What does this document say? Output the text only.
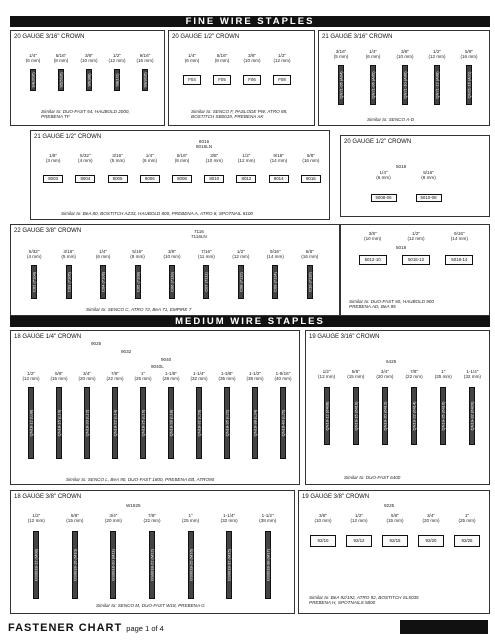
FINE WIRE STAPLES
20 GAUGE 3/16" CROWN
Similar to: DUO-FAST 54, HAUBOLD 2000,
PREBENA TF
1/4"
(6 mm)
S4(3/16)
5/16"
(8 mm)
S5(5/16)
3/8"
(10 mm)
S6(3/8)
1/2"
(12 mm)
S8(1/2)
9/16"
(16 mm)
S9(9/16)
20 GAUGE 1/2" CROWN
Similar to: SENCO F, PASLODE PW, ATRO 88,
BOSTITCH SB0019, PREBENA AK
1/4"
(6 mm)
F04
5/16"
(8 mm)
F05
3/8"
(10 mm)
F06
1/2"
(12 mm)
F08
21 GAUGE 3/16" CROWN
Similar to: SENCO A-D
3/16"
(5 mm)
QN21-05 (A04)
1/4"
(6 mm)
QN21-06 (A05)
3/8"
(10 mm)
QN21-10 (A06)
1/2"
(12 mm)
QN21-12 (A08)
5/8"
(16 mm)
QN21-16 (A11)
21 GAUGE 1/2" CROWN
8016
8016LN
Similar to: BeA 80, BOSTITCH AZ33, HAUBOLD 800, PREBENA A, ATRO 8, SPOTNAIL 8100
1/8"
(3 mm)
8003
5/32"
(4 mm)
8004
3/16"
(5 mm)
8005
1/4"
(6 mm)
8006
5/16"
(8 mm)
8008
3/8"
(10 mm)
8010
1/2"
(12 mm)
8012
9/16"
(14 mm)
8014
5/8"
(16 mm)
8016
20 GAUGE 1/2" CROWN
5018
1/4"
(6 mm)
5008-06
5/16"
(8 mm)
5010-08
22 GAUGE 3/8" CROWN	7116
7116LN
Similar to: SENCO C, ATRO 72, BeA 71, EMPIRE 7
5/32"
(4 mm)
C02 (7104)
3/16"
(5 mm)
C03 (7105)
1/4"
(6 mm)
C04 (7106)
5/16"
(8 mm)
C05 (7108)
3/8"
(10 mm)
C06 (7110)
7/16"
(11 mm)
C07 (7111)
1/2"
(12 mm)
C08 (7112)
9/16"
(14 mm)
C09 (7114)
5/8"
(16 mm)
C10 (7116)
5018
Similar to: DUO-FAST 50, HAUBOLD 900
PREBENA AD, BeA 95
3/8"
(10 mm)
5012-10
1/2"
(12 mm)
5016-12
9/16"
(14 mm)
5018-14
MEDIUM WIRE STAPLES
18 GAUGE 1/4" CROWN
9025
9032
9040
9040L
Similar to: SENCO L, BeA 90, DUO-FAST 1800, PREBENA EB, ATRO90
1/2"
(12 mm)
QN18-12 (L08)
5/8"
(15 mm)
QN18-15 (L10)
3/4"
(20 mm)
QN18-20 (L12)
7/8"
(22 mm)
QN18-22 (L14)
1"
(25 mm)
QN18-25 (L16)
1-1/8"
(28 mm)
QN18-28 (L18)
1-1/4"
(32 mm)
QN18-32 (L20)
1-3/8"
(35 mm)
QN18-35 (L22)
1-1/2"
(38 mm)
QN18-38 (L24)
1-9/16"
(40 mm)
QN18-40 (L25)
19 GAUGE 3/16" CROWN
6425
Similar to: DUO-FAST 6400
1/2"
(12 mm)
QN19-12 (6408)
5/8"
(15 mm)
QN19-15 (6410)
3/4"
(20 mm)
QN19-20 (6412)
7/8"
(22 mm)
QN19-22 (6414)
1"
(25 mm)
QN19-25 (6416)
1-1/4"
(32 mm)
QN19-32 (6420)
18 GAUGE 3/8" CROWN
W1825
Similar to: SENCO M, DUO-FAST W18, PREBENA G
1/2"
(12 mm)
GS0018-12 (M08)
5/8"
(15 mm)
GS0018-15 (M10)
3/4"
(20 mm)
GS0018-20 (M11)
7/8"
(22 mm)
GS0018-22 (M12)
1"
(25 mm)
GS0018-25 (M16)
1-1/4"
(32 mm)
GS0018-32 (M15)
1-1/2"
(38 mm)
GS0018-38 (M17)
19 GAUGE 3/8" CROWN
9225
Similar to: BeA 92/192, ATRO 92, BOSTITCH SL5035
PREBENA H, SPOTNAILS 5800
3/8"
(10 mm)
92/10
1/2"
(12 mm)
92/12
5/8"
(15 mm)
92/15
3/4"
(20 mm)
92/20
1"
(25 mm)
92/25
FASTENER CHART page 1 of 4
